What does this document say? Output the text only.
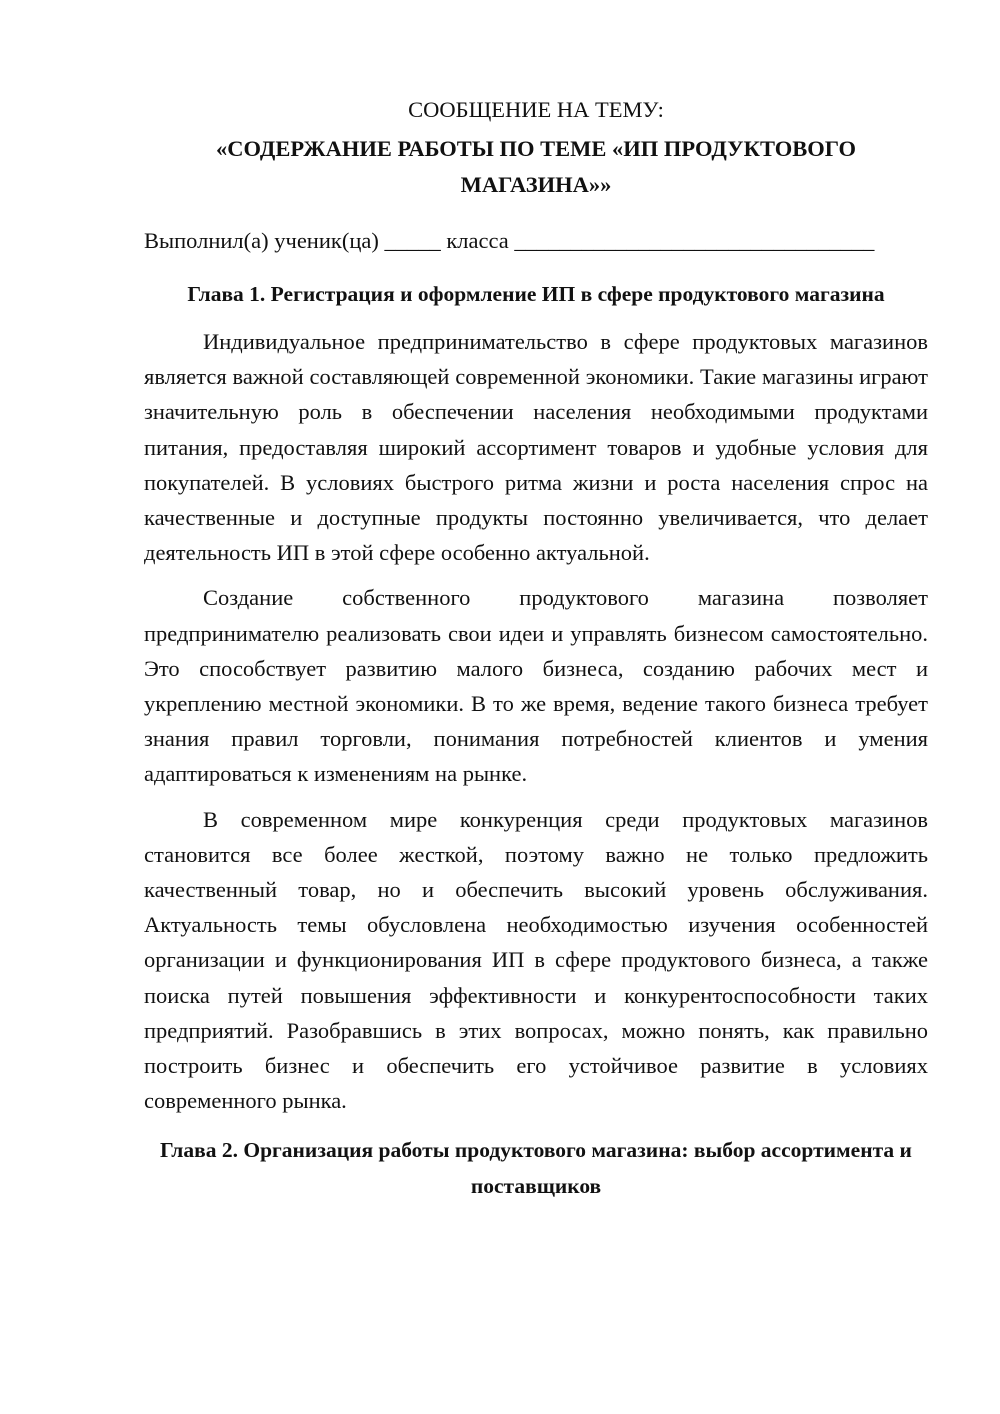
СООБЩЕНИЕ НА ТЕМУ:

«СОДЕРЖАНИЕ РАБОТЫ ПО ТЕМЕ «ИП ПРОДУКТОВОГО МАГАЗИНА»»

Выполнил(а) ученик(ца) _____ класса ________________________________

Глава 1. Регистрация и оформление ИП в сфере продуктового магазина

Индивидуальное предпринимательство в сфере продуктовых магазинов является важной составляющей современной экономики. Такие магазины играют значительную роль в обеспечении населения необходимыми продуктами питания, предоставляя широкий ассортимент товаров и удобные условия для покупателей. В условиях быстрого ритма жизни и роста населения спрос на качественные и доступные продукты постоянно увеличивается, что делает деятельность ИП в этой сфере особенно актуальной.

Создание собственного продуктового магазина позволяет предпринимателю реализовать свои идеи и управлять бизнесом самостоятельно. Это способствует развитию малого бизнеса, созданию рабочих мест и укреплению местной экономики. В то же время, ведение такого бизнеса требует знания правил торговли, понимания потребностей клиентов и умения адаптироваться к изменениям на рынке.

В современном мире конкуренция среди продуктовых магазинов становится все более жесткой, поэтому важно не только предложить качественный товар, но и обеспечить высокий уровень обслуживания. Актуальность темы обусловлена необходимостью изучения особенностей организации и функционирования ИП в сфере продуктового бизнеса, а также поиска путей повышения эффективности и конкурентоспособности таких предприятий. Разобравшись в этих вопросах, можно понять, как правильно построить бизнес и обеспечить его устойчивое развитие в условиях современного рынка.

Глава 2. Организация работы продуктового магазина: выбор ассортимента и поставщиков
